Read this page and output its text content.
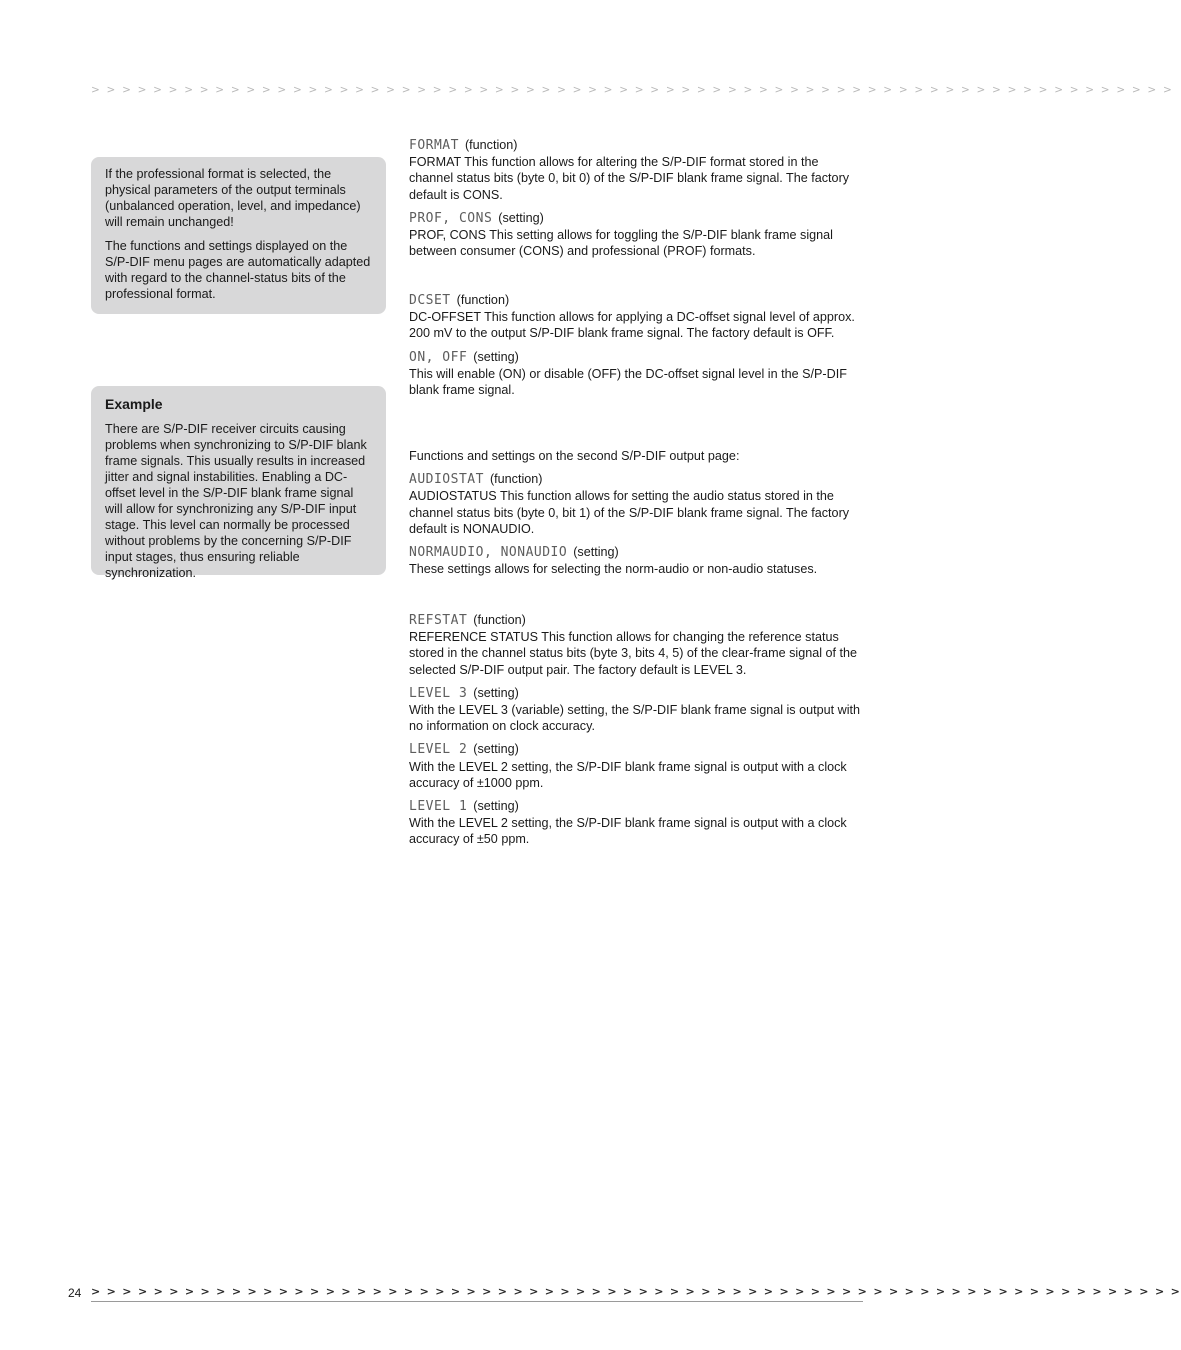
> > > > > > > > > > > > > > > > > > > > > > > > > > > > > > > > > > > > > > > > > > > > > > > > > > > > > > > > > > > > > > > > > > > > > >

If the professional format is selected, the physical parameters of the output terminals (unbalanced operation, level, and impedance) will remain unchanged!

The functions and settings displayed on the S/P-DIF menu pages are automatically adapted with regard to the channel-status bits of the professional format.

Example

There are S/P-DIF receiver circuits causing problems when synchronizing to S/P-DIF blank frame signals. This usually results in increased jitter and signal instabilities. Enabling a DC-offset level in the S/P-DIF blank frame signal will allow for synchronizing any S/P-DIF input stage. This level can normally be processed without problems by the concerning S/P-DIF input stages, thus ensuring reliable synchronization.

FORMAT (function)
FORMAT This function allows for altering the S/P-DIF format stored in the channel status bits (byte 0, bit 0) of the S/P-DIF blank frame signal. The factory default is CONS.
PROF, CONS (setting)
PROF, CONS This setting allows for toggling the S/P-DIF blank frame signal between consumer (CONS) and professional (PROF) formats.
DCSET (function)
DC-OFFSET This function allows for applying a DC-offset signal level of approx. 200 mV to the output S/P-DIF blank frame signal. The factory default is OFF.
ON, OFF (setting)
This will enable (ON) or disable (OFF) the DC-offset signal level in the S/P-DIF blank frame signal.

Functions and settings on the second S/P-DIF output page:

AUDIOSTAT (function)
AUDIOSTATUS This function allows for setting the audio status stored in the channel status bits (byte 0, bit 1) of the S/P-DIF blank frame signal. The factory default is NONAUDIO.
NORMAUDIO, NONAUDIO (setting)
These settings allows for selecting the norm-audio or non-audio statuses.
REFSTAT (function)
REFERENCE STATUS This function allows for changing the reference status stored in the channel status bits (byte 3, bits 4, 5) of the clear-frame signal of the selected S/P-DIF output pair. The factory default is LEVEL 3.
LEVEL 3 (setting)
With the LEVEL 3 (variable) setting, the S/P-DIF blank frame signal is output with no information on clock accuracy.
LEVEL 2 (setting)
With the LEVEL 2 setting, the S/P-DIF blank frame signal is output with a clock accuracy of ±1000 ppm.
LEVEL 1 (setting)
With the LEVEL 2 setting, the S/P-DIF blank frame signal is output with a clock accuracy of ±50 ppm.
24 > > > > > > > > > > > > > > > > > > > > > > > > > > > > > > > > > > > > > > > > > > > > > > > > > > > > > > > > > > > > > > > > > > > > > >
